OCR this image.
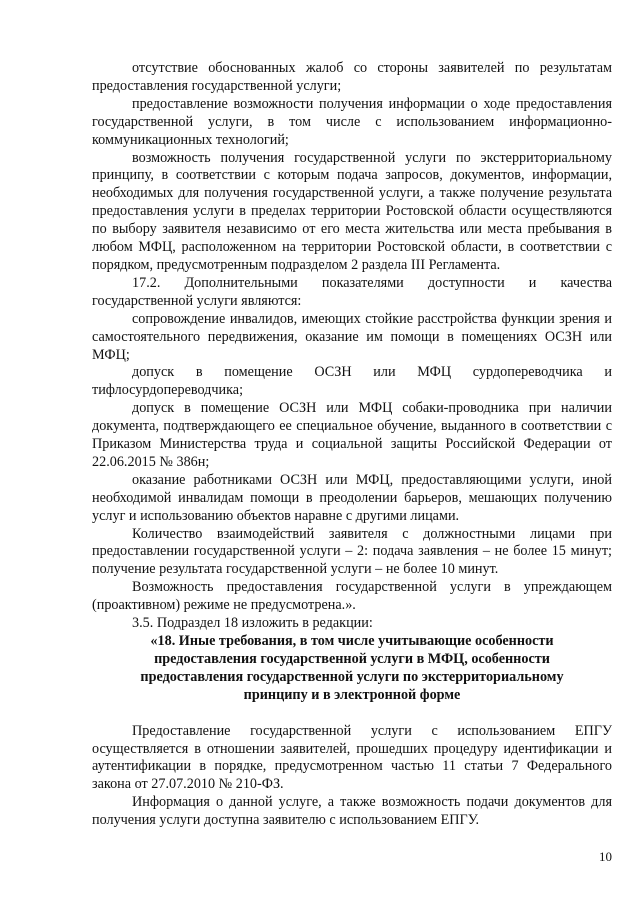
отсутствие обоснованных жалоб со стороны заявителей по результатам предоставления государственной услуги;

предоставление возможности получения информации о ходе предоставления государственной услуги, в том числе с использованием информационно-коммуникационных технологий;

возможность получения государственной услуги по экстерриториальному принципу, в соответствии с которым подача запросов, документов, информации, необходимых для получения государственной услуги, а также получение результата предоставления услуги в пределах территории Ростовской области осуществляются по выбору заявителя независимо от его места жительства или места пребывания в любом МФЦ, расположенном на территории Ростовской области, в соответствии с порядком, предусмотренным подразделом 2 раздела III Регламента.

17.2. Дополнительными показателями доступности и качества государственной услуги являются:

сопровождение инвалидов, имеющих стойкие расстройства функции зрения и самостоятельного передвижения, оказание им помощи в помещениях ОСЗН или МФЦ;

допуск в помещение ОСЗН или МФЦ сурдопереводчика и тифлосурдопереводчика;

допуск в помещение ОСЗН или МФЦ собаки-проводника при наличии документа, подтверждающего ее специальное обучение, выданного в соответствии с Приказом Министерства труда и социальной защиты Российской Федерации от 22.06.2015 № 386н;

оказание работниками ОСЗН или МФЦ, предоставляющими услуги, иной необходимой инвалидам помощи в преодолении барьеров, мешающих получению услуг и использованию объектов наравне с другими лицами.

Количество взаимодействий заявителя с должностными лицами при предоставлении государственной услуги – 2: подача заявления – не более 15 минут; получение результата государственной услуги – не более 10 минут.

Возможность предоставления государственной услуги в упреждающем (проактивном) режиме не предусмотрена.».

3.5. Подраздел 18 изложить в редакции:

«18. Иные требования, в том числе учитывающие особенности предоставления государственной услуги в МФЦ, особенности предоставления государственной услуги по экстерриториальному принципу и в электронной форме

Предоставление государственной услуги с использованием ЕПГУ осуществляется в отношении заявителей, прошедших процедуру идентификации и аутентификации в порядке, предусмотренном частью 11 статьи 7 Федерального закона от 27.07.2010 № 210-ФЗ.

Информация о данной услуге, а также возможность подачи документов для получения услуги доступна заявителю с использованием ЕПГУ.

10
